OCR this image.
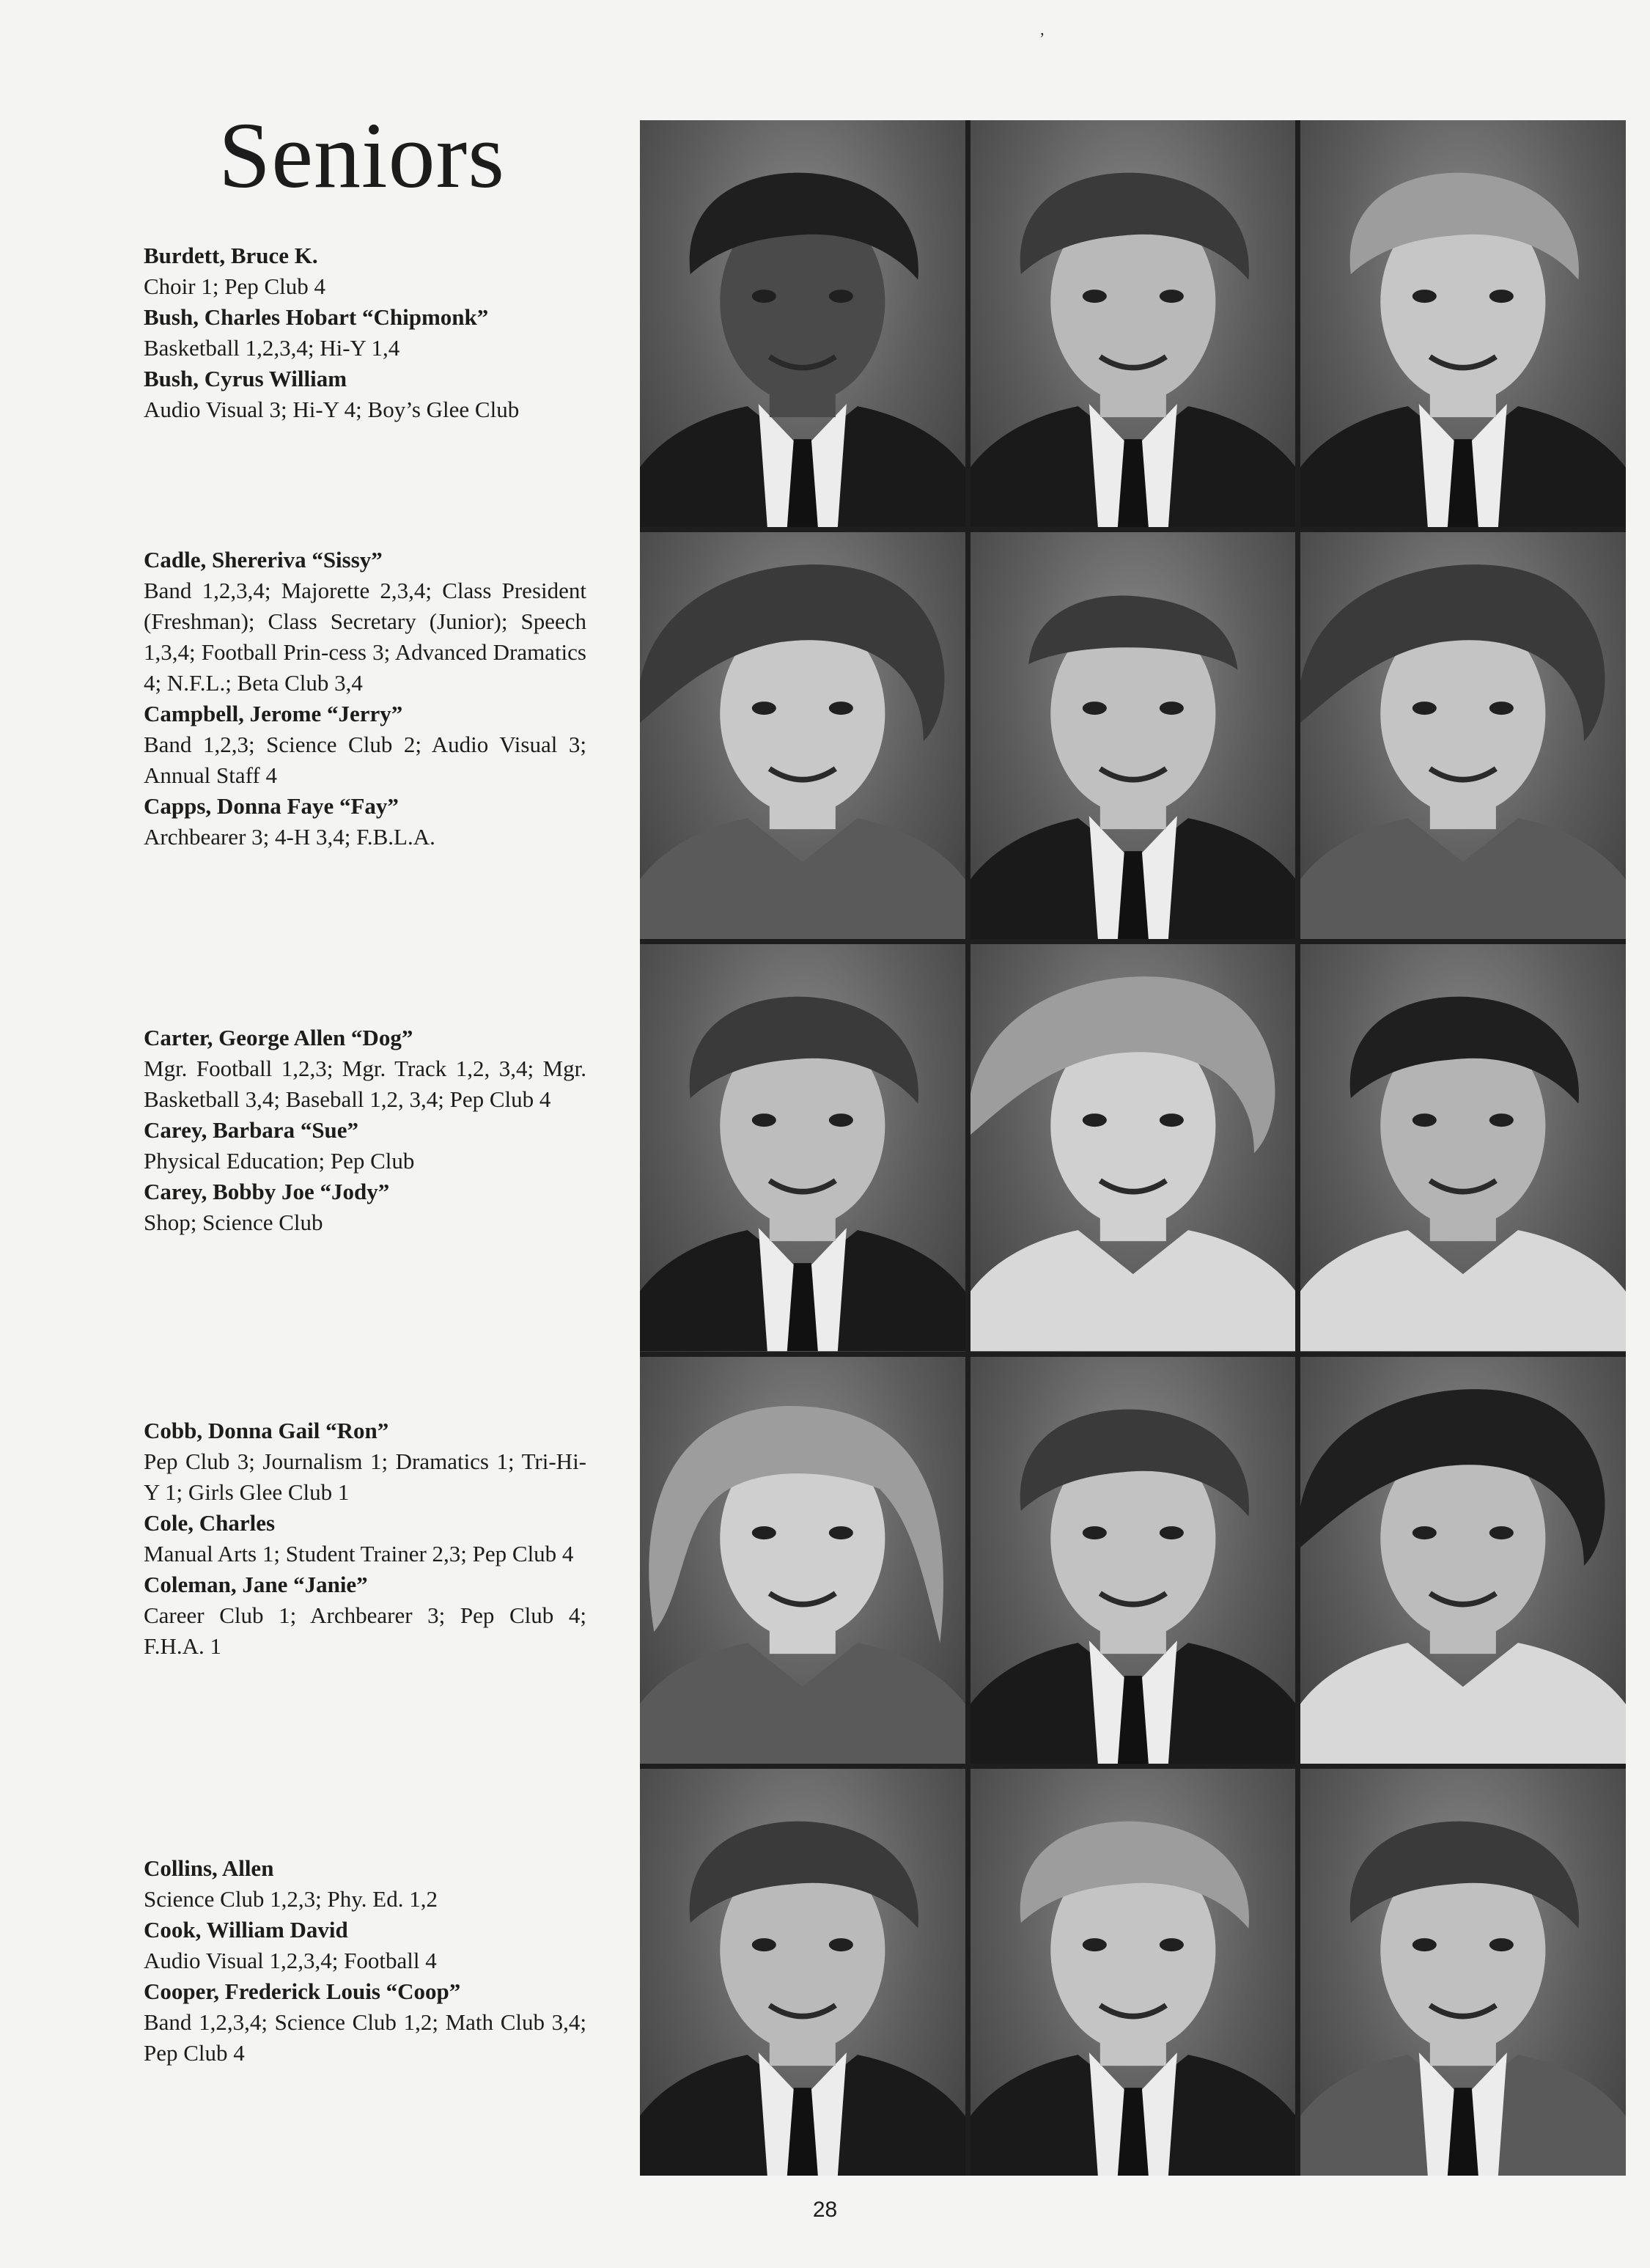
ʼ
Seniors

Burdett, Bruce K.
Choir 1; Pep Club 4

Bush, Charles Hobart “Chipmonk”
Basketball 1,2,3,4; Hi-Y 1,4

Bush, Cyrus William
Audio Visual 3; Hi-Y 4; Boy’s Glee Club

Cadle, Shereriva “Sissy”
Band 1,2,3,4; Majorette 2,3,4; Class President (Freshman); Class Secretary (Junior); Speech 1,3,4; Football Prin-cess 3; Advanced Dramatics 4; N.F.L.; Beta Club 3,4

Campbell, Jerome “Jerry”
Band 1,2,3; Science Club 2; Audio Visual 3; Annual Staff 4

Capps, Donna Faye “Fay”
Archbearer 3; 4-H 3,4; F.B.L.A.

Carter, George Allen “Dog”
Mgr. Football 1,2,3; Mgr. Track 1,2, 3,4; Mgr. Basketball 3,4; Baseball 1,2, 3,4; Pep Club 4

Carey, Barbara “Sue”
Physical Education; Pep Club

Carey, Bobby Joe “Jody”
Shop; Science Club

Cobb, Donna Gail “Ron”
Pep Club 3; Journalism 1; Dramatics 1; Tri-Hi-Y 1; Girls Glee Club 1

Cole, Charles
Manual Arts 1; Student Trainer 2,3; Pep Club 4

Coleman, Jane “Janie”
Career Club 1; Archbearer 3; Pep Club 4; F.H.A. 1

Collins, Allen
Science Club 1,2,3; Phy. Ed. 1,2

Cook, William David
Audio Visual 1,2,3,4; Football 4

Cooper, Frederick Louis “Coop”
Band 1,2,3,4; Science Club 1,2; Math Club 3,4; Pep Club 4

28
